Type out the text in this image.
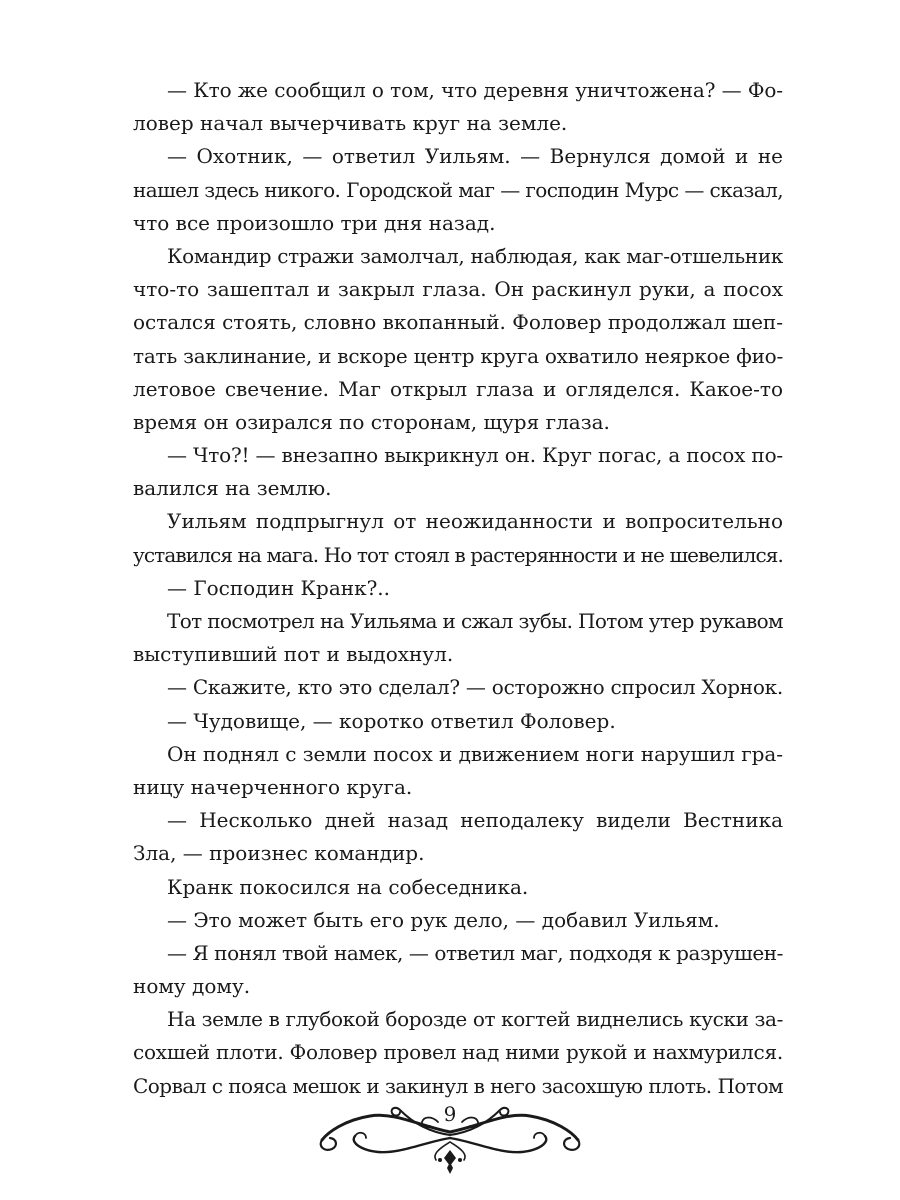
— Кто же сообщил о том, что деревня уничтожена? — Фо-
ловер начал вычерчивать круг на земле.
— Охотник, — ответил Уильям. — Вернулся домой и не
нашел здесь никого. Городской маг — господин Мурс — сказал,
что все произошло три дня назад.
Командир стражи замолчал, наблюдая, как маг-отшельник
что-то зашептал и закрыл глаза. Он раскинул руки, а посох
остался стоять, словно вкопанный. Фоловер продолжал шеп-
тать заклинание, и вскоре центр круга охватило неяркое фио-
летовое свечение. Маг открыл глаза и огляделся. Какое-то
время он озирался по сторонам, щуря глаза.
— Что?! — внезапно выкрикнул он. Круг погас, а посох по-
валился на землю.
Уильям подпрыгнул от неожиданности и вопросительно
уставился на мага. Но тот стоял в растерянности и не шевелился.
— Господин Кранк?..
Тот посмотрел на Уильяма и сжал зубы. Потом утер рукавом
выступивший пот и выдохнул.
— Скажите, кто это сделал? — осторожно спросил Хорнок.
— Чудовище, — коротко ответил Фоловер.
Он поднял с земли посох и движением ноги нарушил гра-
ницу начерченного круга.
— Несколько дней назад неподалеку видели Вестника
Зла, — произнес командир.
Кранк покосился на собеседника.
— Это может быть его рук дело, — добавил Уильям.
— Я понял твой намек, — ответил маг, подходя к разрушен-
ному дому.
На земле в глубокой борозде от когтей виднелись куски за-
сохшей плоти. Фоловер провел над ними рукой и нахмурился.
Сорвал с пояса мешок и закинул в него засохшую плоть. Потом
9
